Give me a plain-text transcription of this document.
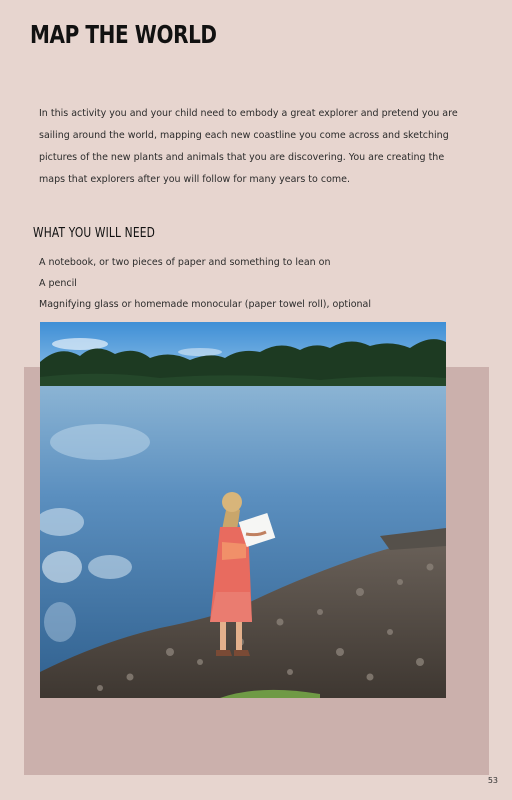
MAP THE WORLD

In this activity you and your child need to embody a great explorer and pretend you are sailing around the world, mapping each new coastline you come across and sketching pictures of the new plants and animals that you are discovering. You are creating the maps that explorers after you will follow for many years to come.

WHAT YOU WILL NEED
A notebook, or two pieces of paper and something to lean on
A pencil
Magnifying glass or homemade monocular (paper towel roll), optional
53
